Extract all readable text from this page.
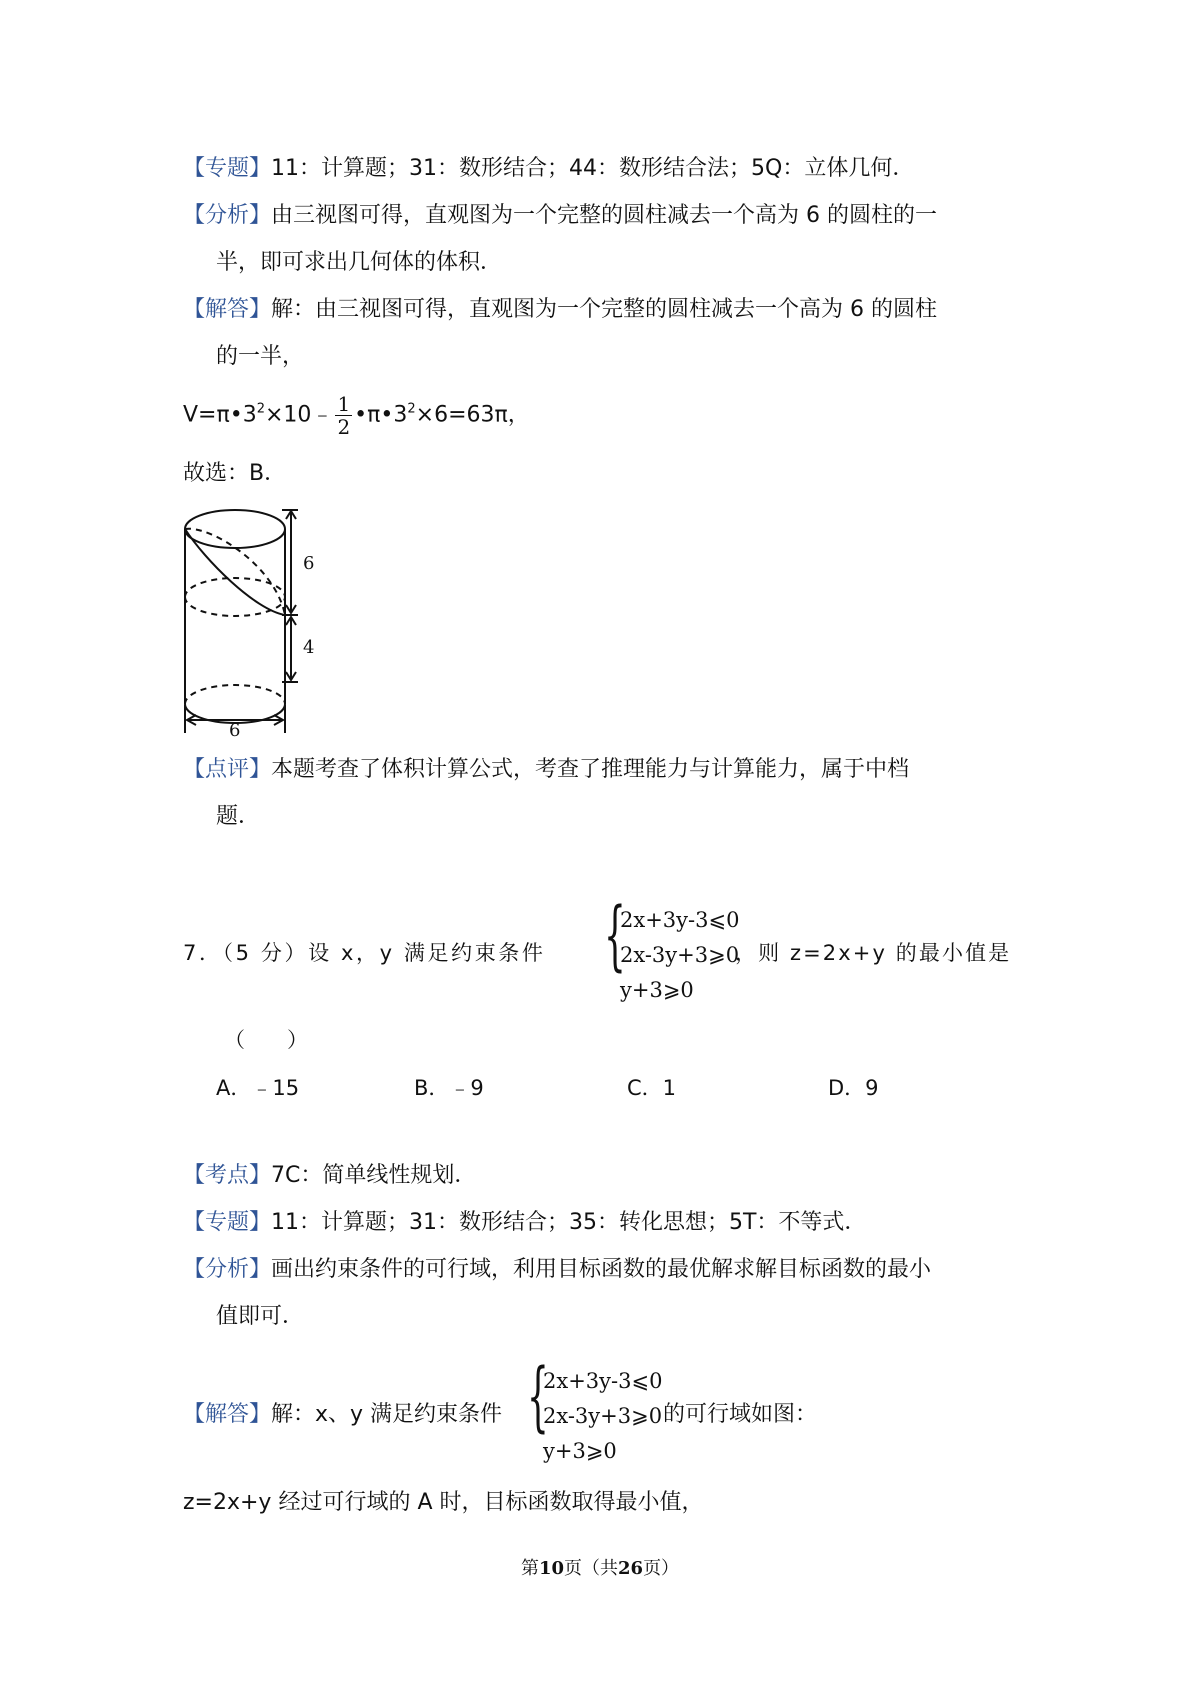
【专题】11：计算题；31：数形结合；44：数形结合法；5Q：立体几何．
【分析】由三视图可得，直观图为一个完整的圆柱减去一个高为 6 的圆柱的一
半，即可求出几何体的体积．
【解答】解：由三视图可得，直观图为一个完整的圆柱减去一个高为 6 的圆柱
的一半，
$V=\pi•3^2\times 10﹣ \frac{1}{2}$ $•\pi•3^2\times 6=63\pi$，
故选：B．
6
4
6
【点评】本题考查了体积计算公式，考查了推理能力与计算能力，属于中档
题．
7．（5 分）设 x，y 满足约束条件 {
2x+3y-3⩽0
2x-3y+3⩾0
y+3⩾0
，则 z=2x+y 的最小值是
（　　）
A．﹣15	B．﹣9	C．1	D．9
【考点】7C：简单线性规划．
【专题】11：计算题；31：数形结合；35：转化思想；5T：不等式．
【分析】画出约束条件的可行域，利用目标函数的最优解求解目标函数的最小
值即可．
【解答】解：x、y 满足约束条件 {
2x+3y-3⩽0
2x-3y+3⩾0
y+3⩾0
的可行域如图：
z=2x+y 经过可行域的 A 时，目标函数取得最小值，
第10页（共26页）
